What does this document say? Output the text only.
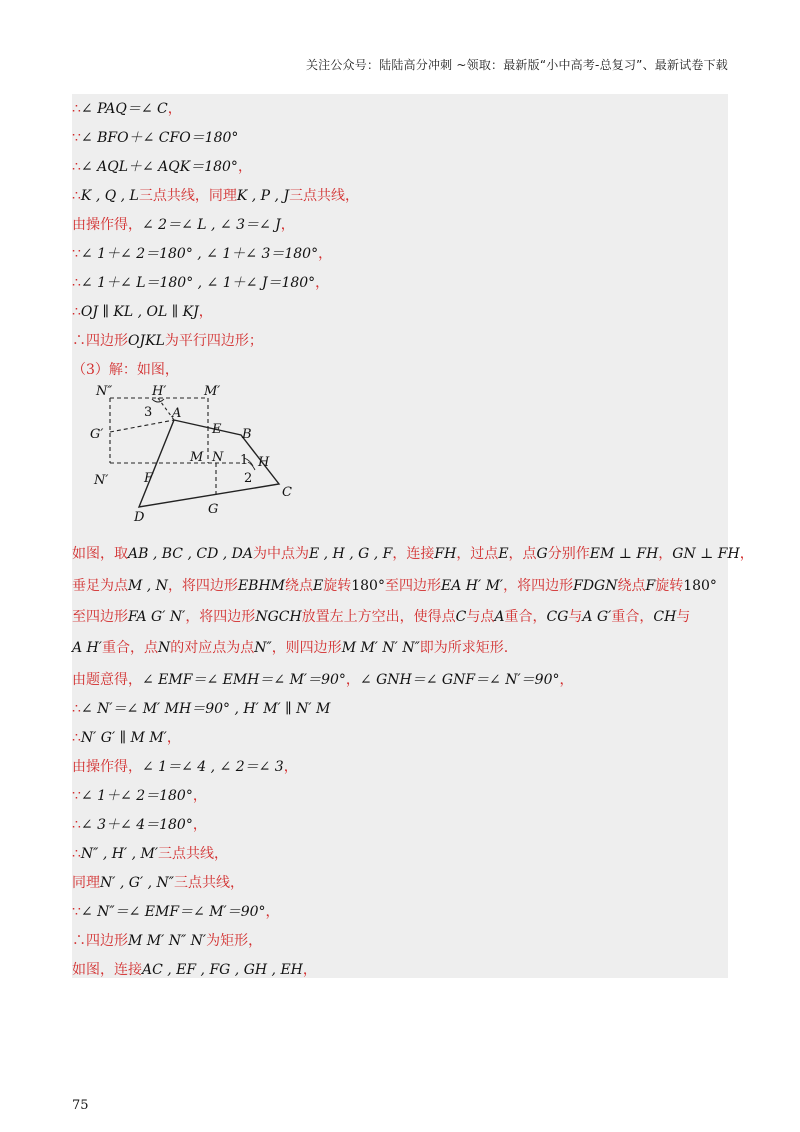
关注公众号：陆陆高分冲刺 ~领取：最新版“小中高考-总复习”、最新试卷下载
∴∠ PAQ＝∠ C，
∵∠ BFO＋∠ CFO＝180°
∴∠ AQL＋∠ AQK＝180°，
∴K , Q , L三点共线，同理K , P , J三点共线，
由操作得，∠ 2＝∠ L , ∠ 3＝∠ J，
∵∠ 1＋∠ 2＝180° , ∠ 1＋∠ 3＝180°，
∴∠ 1＋∠ L＝180° , ∠ 1＋∠ J＝180°，
∴OJ ∥ KL , OL ∥ KJ，
∴四边形OJKL为平行四边形；
（3）解：如图，
如图，取AB , BC , CD , DA为中点为E , H , G , F，连接FH，过点E，点G分别作EM ⊥ FH，GN ⊥ FH，
垂足为点M , N，将四边形EBHM绕点E旋转180°至四边形EA H′ M′，将四边形FDGN绕点F旋转180°
至四边形FA G′ N′，将四边形NGCH放置左上方空出，使得点C与点A重合，CG与A G′重合，CH与
A H′重合，点N的对应点为点N″，则四边形M M′ N′ N″即为所求矩形.
由题意得，∠ EMF＝∠ EMH＝∠ M′＝90°，∠ GNH＝∠ GNF＝∠ N′＝90°，
∴∠ N′＝∠ M′ MH＝90° , H′ M′ ∥ N′ M
∴N′ G′ ∥ M M′，
由操作得，∠ 1＝∠ 4 , ∠ 2＝∠ 3，
∵∠ 1＋∠ 2＝180°，
∴∠ 3＋∠ 4＝180°，
∴N″ , H′ , M′三点共线，
同理N′ , G′ , N″三点共线，
∵∠ N″＝∠ EMF＝∠ M′＝90°，
∴四边形M M′ N″ N′为矩形，
如图，连接AC , EF , FG , GH , EH，
N″	H′	M′
A
3
E B
G′
M N 1 H
N′	F	2
C
D
G
75
